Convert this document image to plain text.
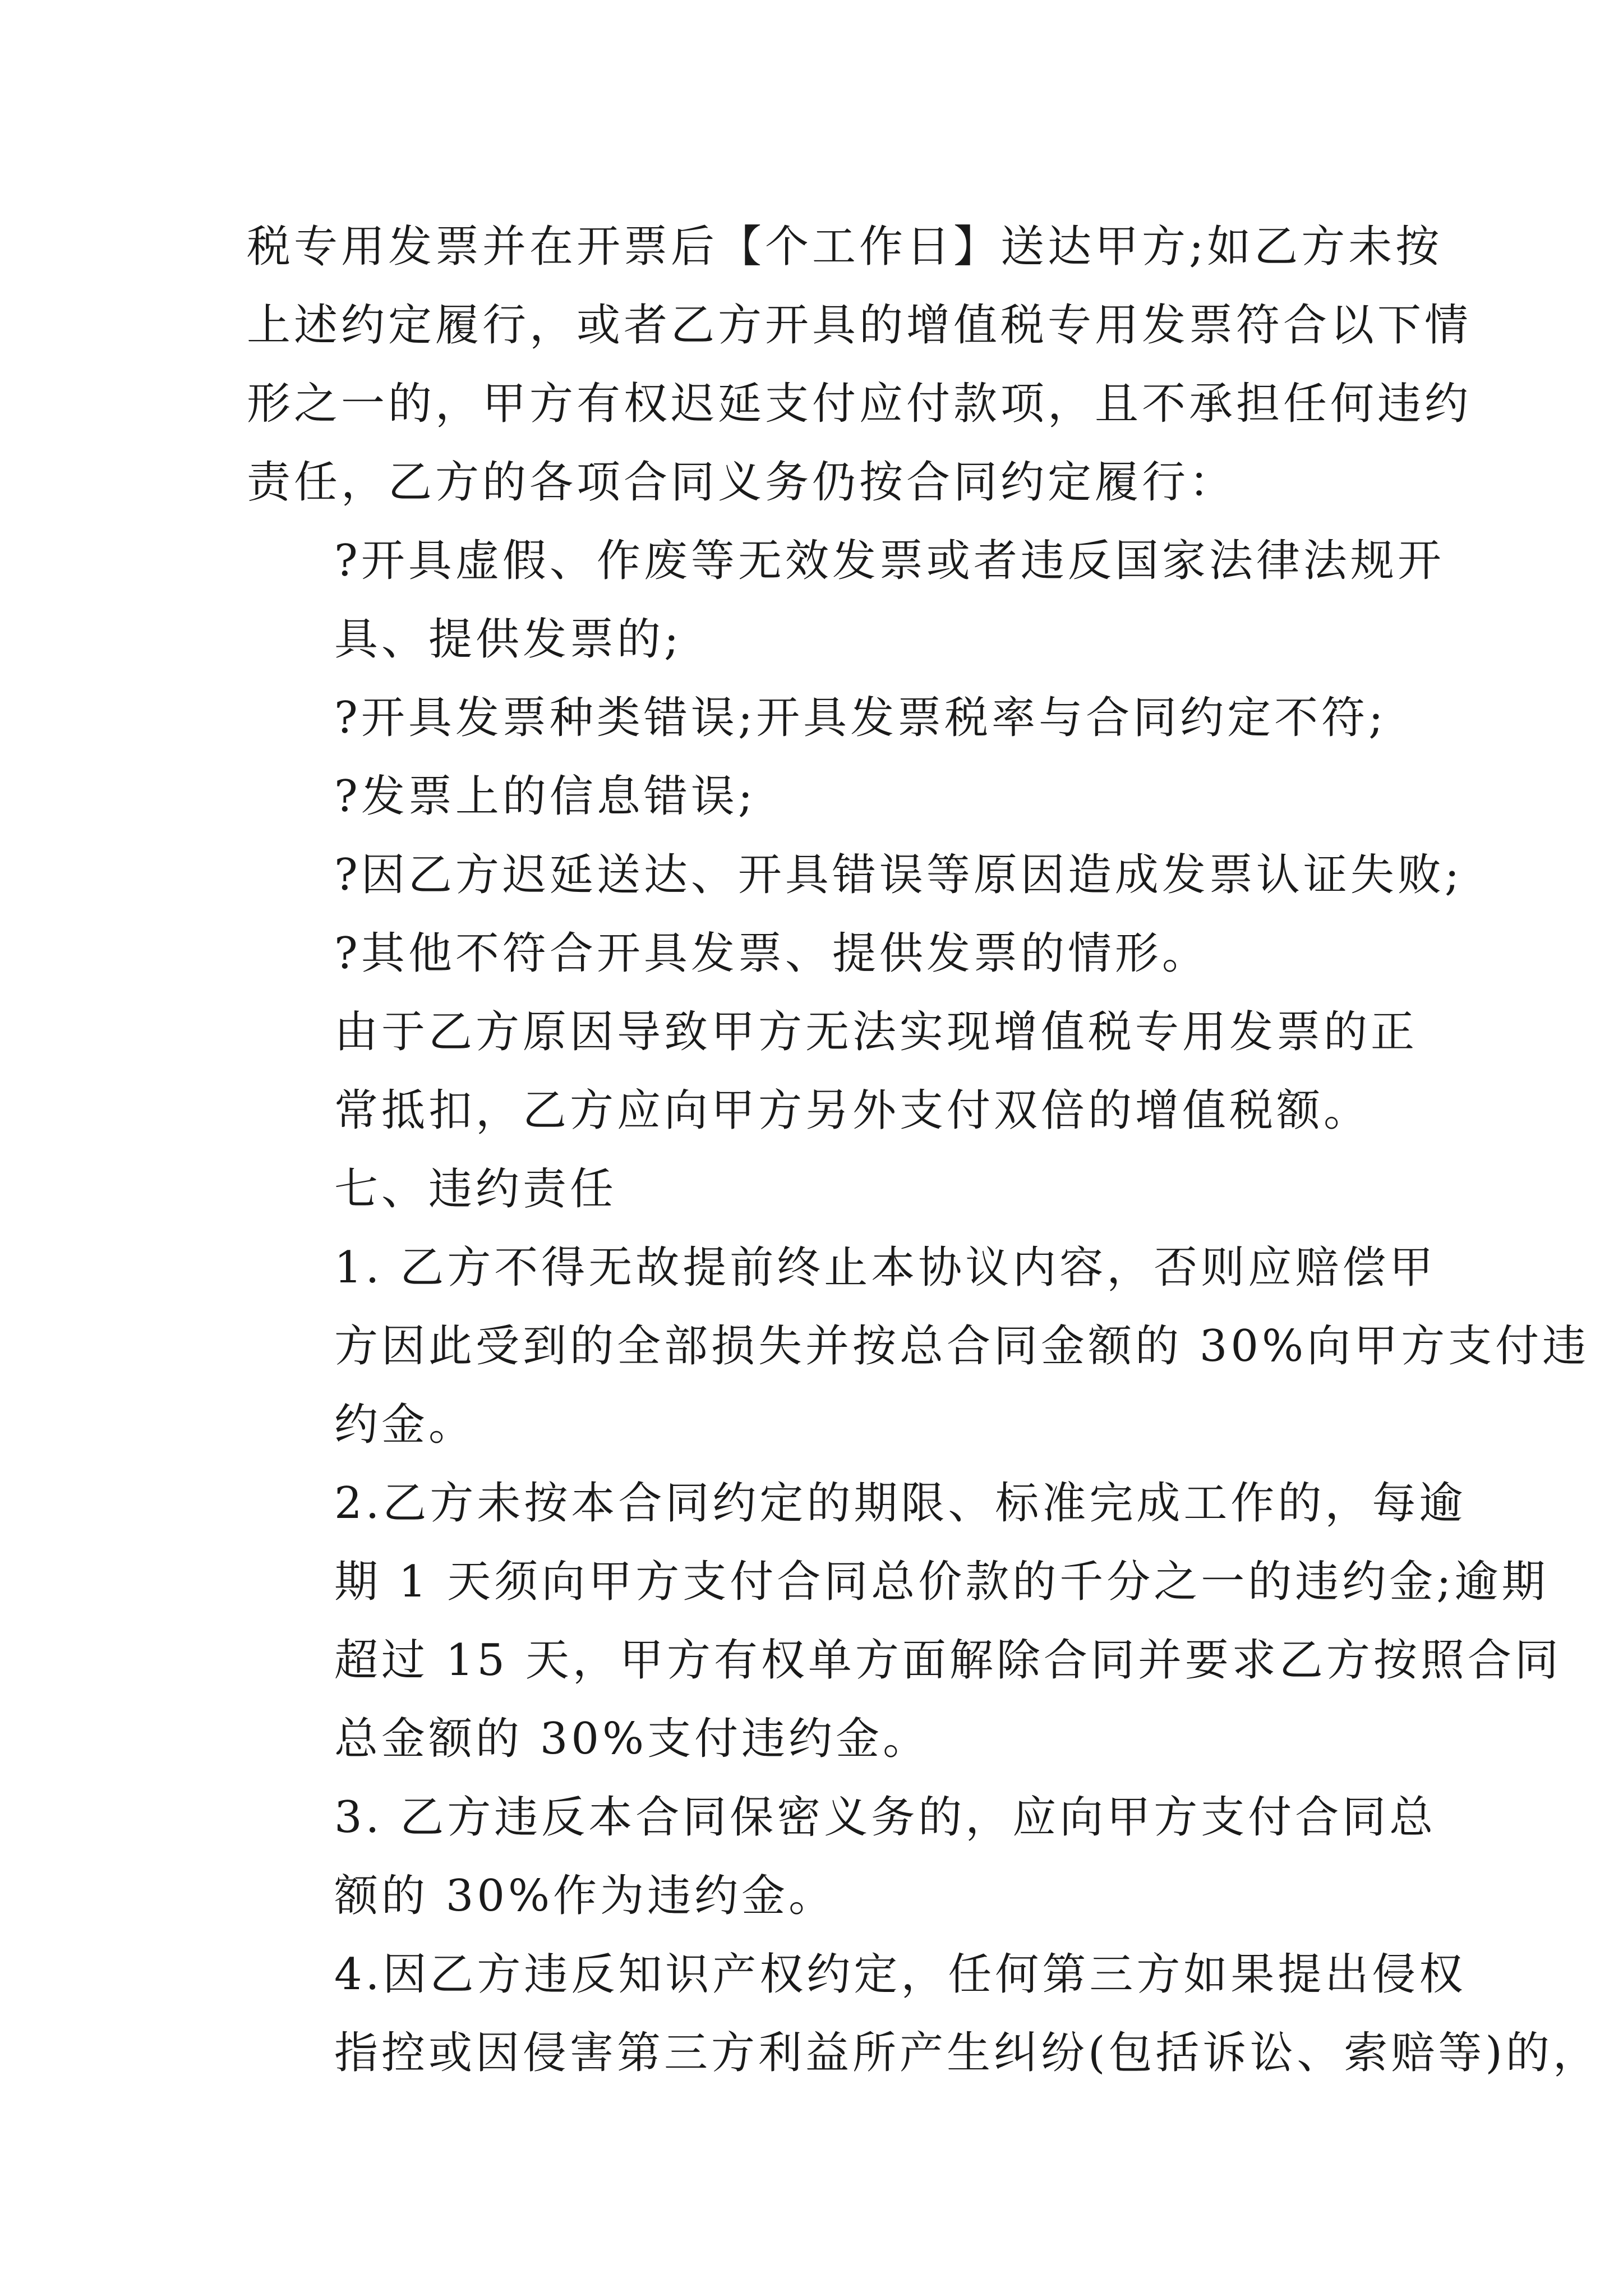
税专用发票并在开票后【个工作日】送达甲方;如乙方未按
上述约定履行，或者乙方开具的增值税专用发票符合以下情
形之一的，甲方有权迟延支付应付款项，且不承担任何违约
责任，乙方的各项合同义务仍按合同约定履行：
?开具虚假、作废等无效发票或者违反国家法律法规开
具、提供发票的;
?开具发票种类错误;开具发票税率与合同约定不符;
?发票上的信息错误;
?因乙方迟延送达、开具错误等原因造成发票认证失败;
?其他不符合开具发票、提供发票的情形。
由于乙方原因导致甲方无法实现增值税专用发票的正
常抵扣，乙方应向甲方另外支付双倍的增值税额。
七、违约责任
1. 乙方不得无故提前终止本协议内容，否则应赔偿甲
方因此受到的全部损失并按总合同金额的 30%向甲方支付违
约金。
2.乙方未按本合同约定的期限、标准完成工作的，每逾
期 1 天须向甲方支付合同总价款的千分之一的违约金;逾期
超过 15 天，甲方有权单方面解除合同并要求乙方按照合同
总金额的 30%支付违约金。
3. 乙方违反本合同保密义务的，应向甲方支付合同总
额的 30%作为违约金。
4.因乙方违反知识产权约定，任何第三方如果提出侵权
指控或因侵害第三方利益所产生纠纷(包括诉讼、索赔等)的，
